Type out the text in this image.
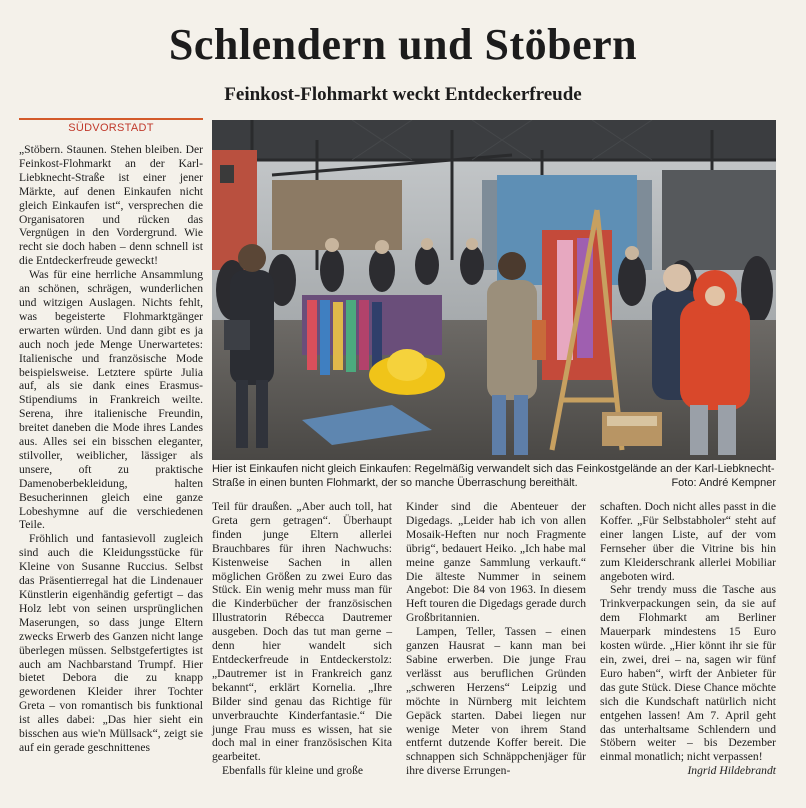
Schlendern und Stöbern
Feinkost-Flohmarkt weckt Entdeckerfreude
SÜDVORSTADT

„Stöbern. Staunen. Stehen bleiben. Der Feinkost-Flohmarkt an der Karl-Liebknecht-Straße ist einer jener Märkte, auf denen Einkaufen nicht gleich Einkaufen ist“, versprechen die Organisatoren und rücken das Vergnügen in den Vordergrund. Wie recht sie doch haben – denn schnell ist die Entdeckerfreude geweckt!

Was für eine herrliche Ansammlung an schönen, schrägen, wunderlichen und witzigen Auslagen. Nichts fehlt, was begeisterte Flohmarktgänger erwarten würden. Und dann gibt es ja auch noch jede Menge Unerwartetes: Italienische und französische Mode beispielsweise. Letztere spürte Julia auf, als sie dank eines Erasmus-Stipendiums in Frankreich weilte. Serena, ihre italienische Freundin, breitet daneben die Mode ihres Landes aus. Alles sei ein bisschen eleganter, stilvoller, weiblicher, lässiger als unsere, oft zu praktische Damenoberbekleidung, halten Besucherinnen gleich eine ganze Lobeshymne auf die verschiedenen Teile.

Fröhlich und fantasievoll zugleich sind auch die Kleidungsstücke für Kleine von Susanne Ruccius. Selbst das Präsentierregal hat die Lindenauer Künstlerin eigenhändig gefertigt – das Holz lebt von seinen ursprünglichen Maserungen, so dass junge Eltern zwecks Erwerb des Ganzen nicht lange überlegen müssen. Selbstgefertigtes ist auch am Nachbarstand Trumpf. Hier bietet Debora die zu knapp gewordenen Kleider ihrer Tochter Greta – von romantisch bis funktional ist alles dabei: „Das hier sieht ein bisschen aus wie'n Müllsack“, zeigt sie auf ein gerade geschnittenes

Hier ist Einkaufen nicht gleich Einkaufen: Regelmäßig verwandelt sich das Feinkostgelände an der Karl-Liebknecht-Straße in einen bunten Flohmarkt, der so manche Überraschung bereithält.	Foto: André Kempner

Teil für draußen. „Aber auch toll, hat Greta gern getragen“. Überhaupt finden junge Eltern allerlei Brauchbares für ihren Nachwuchs: Kistenweise Sachen in allen möglichen Größen zu zwei Euro das Stück. Ein wenig mehr muss man für die Kinderbücher der französischen Illustratorin Rébecca Dautremer ausgeben. Doch das tut man gerne – denn hier wandelt sich Entdeckerfreude in Entdeckerstolz: „Dautremer ist in Frankreich ganz bekannt“, erklärt Kornelia. „Ihre Bilder sind genau das Richtige für unverbrauchte Kinderfantasie.“ Die junge Frau muss es wissen, hat sie doch mal in einer französischen Kita gearbeitet.

Ebenfalls für kleine und große

Kinder sind die Abenteuer der Digedags. „Leider hab ich von allen Mosaik-Heften nur noch Fragmente übrig“, bedauert Heiko. „Ich habe mal meine ganze Sammlung verkauft.“ Die älteste Nummer in seinem Angebot: Die 84 von 1963. In diesem Heft touren die Digedags gerade durch Großbritannien.

Lampen, Teller, Tassen – einen ganzen Hausrat – kann man bei Sabine erwerben. Die junge Frau verlässt aus beruflichen Gründen „schweren Herzens“ Leipzig und möchte in Nürnberg mit leichtem Gepäck starten. Dabei liegen nur wenige Meter von ihrem Stand entfernt dutzende Koffer bereit. Die schnappen sich Schnäppchenjäger für ihre diverse Errungen-

schaften. Doch nicht alles passt in die Koffer. „Für Selbstabholer“ steht auf einer langen Liste, auf der vom Fernseher über die Vitrine bis hin zum Kleiderschrank allerlei Mobiliar angeboten wird.

Sehr trendy muss die Tasche aus Trinkverpackungen sein, da sie auf dem Flohmarkt am Berliner Mauerpark mindestens 15 Euro kosten würde. „Hier könnt ihr sie für ein, zwei, drei – na, sagen wir fünf Euro haben“, wirft der Anbieter für das gute Stück. Diese Chance möchte sich die Kundschaft natürlich nicht entgehen lassen! Am 7. April geht das unterhaltsame Schlendern und Stöbern weiter – bis Dezember einmal monatlich; nicht verpassen!

Ingrid Hildebrandt
